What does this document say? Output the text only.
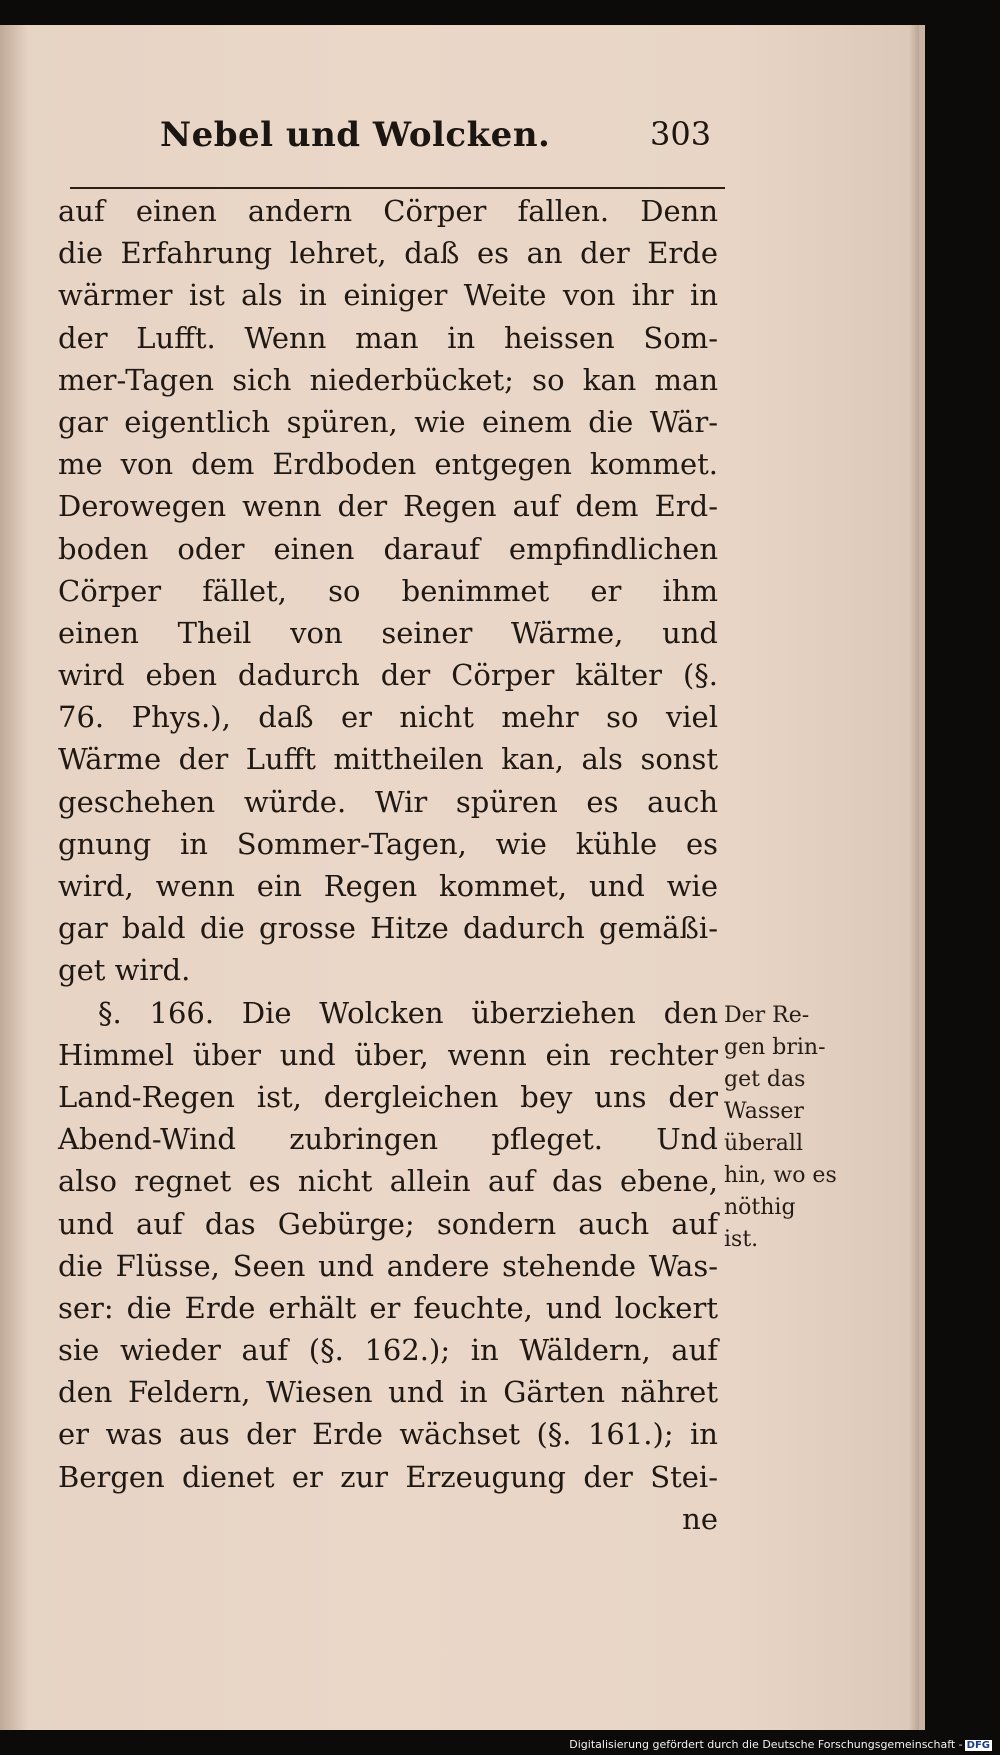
Nebel und Wolcken.	303
auf einen andern Cörper fallen. Denn
die Erfahrung lehret, daß es an der Erde
wärmer ist als in einiger Weite von ihr in
der Lufft. Wenn man in heissen Som-
mer-Tagen sich niederbücket; so kan man
gar eigentlich spüren, wie einem die Wär-
me von dem Erdboden entgegen kommet.
Derowegen wenn der Regen auf dem Erd-
boden oder einen darauf empfindlichen
Cörper fället, so benimmet er ihm
einen Theil von seiner Wärme, und
wird eben dadurch der Cörper kälter (§.
76. Phys.), daß er nicht mehr so viel
Wärme der Lufft mittheilen kan, als sonst
geschehen würde. Wir spüren es auch
gnung in Sommer-Tagen, wie kühle es
wird, wenn ein Regen kommet, und wie
gar bald die grosse Hitze dadurch gemäßi-
get wird.
§. 166. Die Wolcken überziehen den
Himmel über und über, wenn ein rechter
Land-Regen ist, dergleichen bey uns der
Abend-Wind zubringen pfleget. Und
also regnet es nicht allein auf das ebene,
und auf das Gebürge; sondern auch auf
die Flüsse, Seen und andere stehende Was-
ser: die Erde erhält er feuchte, und lockert
sie wieder auf (§. 162.); in Wäldern, auf
den Feldern, Wiesen und in Gärten nähret
er was aus der Erde wächset (§. 161.); in
Bergen dienet er zur Erzeugung der Stei-
ne
Der Re-
gen brin-
get das
Wasser
überall
hin, wo es
nöthig
ist.
Digitalisierung gefördert durch die Deutsche Forschungsgemeinschaft - DFG
